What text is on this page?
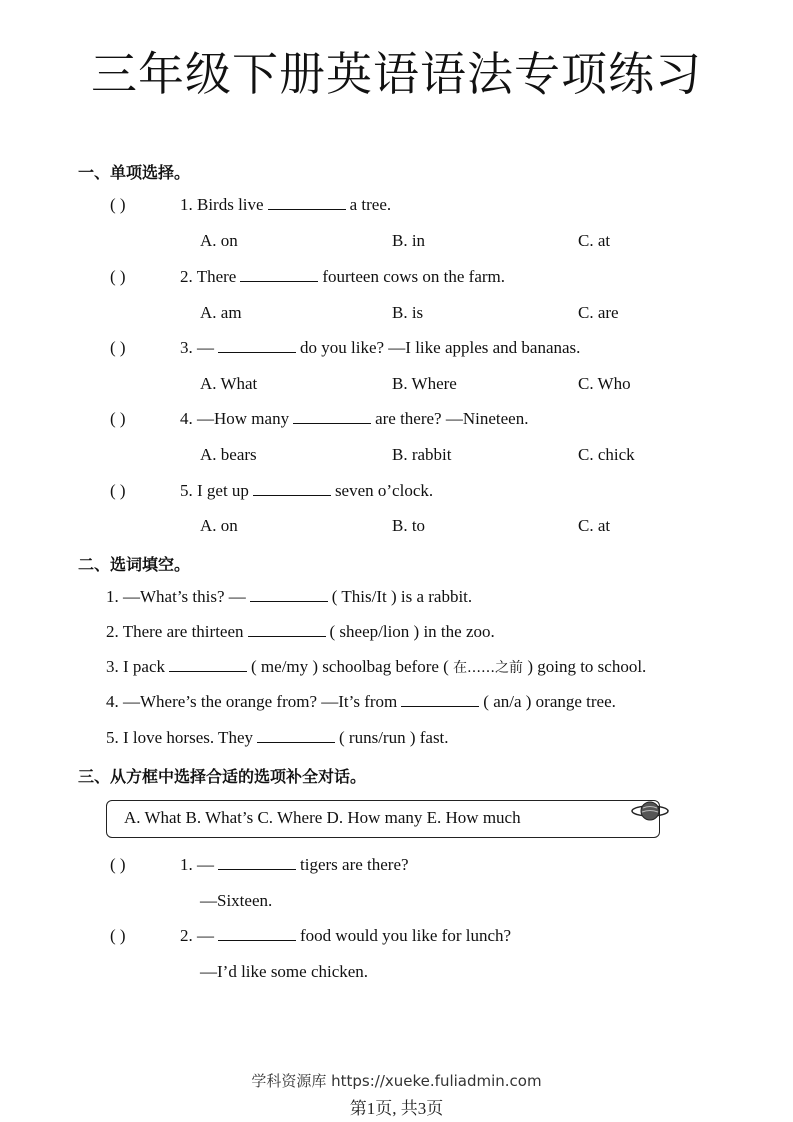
三年级下册英语语法专项练习
一、单项选择。
( )	1. Birds live	a tree.
A. on	B. in	C. at
( )	2. There	fourteen cows on the farm.
A. am	B. is	C. are
( )	3. —	do you like? —I like apples and bananas.
A. What	B. Where	C. Who
( )	4. —How many	are there? —Nineteen.
A. bears	B. rabbit	C. chick
( )	5. I get up	seven o’clock.
A. on	B. to	C. at
二、选词填空。
1. —What’s this? —	( This/It ) is a rabbit.
2. There are thirteen	( sheep/lion ) in the zoo.
3. I pack	( me/my ) schoolbag before ( 在……之前 ) going to school.
4. —Where’s the orange from? —It’s from	( an/a ) orange tree.
5. I love horses. They	( runs/run ) fast.
三、从方框中选择合适的选项补全对话。
A. What B. What’s C. Where D. How many E. How much
( )	1. —	tigers are there?
—Sixteen.
( )	2. —	food would you like for lunch?
—I’d like some chicken.
学科资源库 https://xueke.fuliadmin.com
第1页, 共3页
